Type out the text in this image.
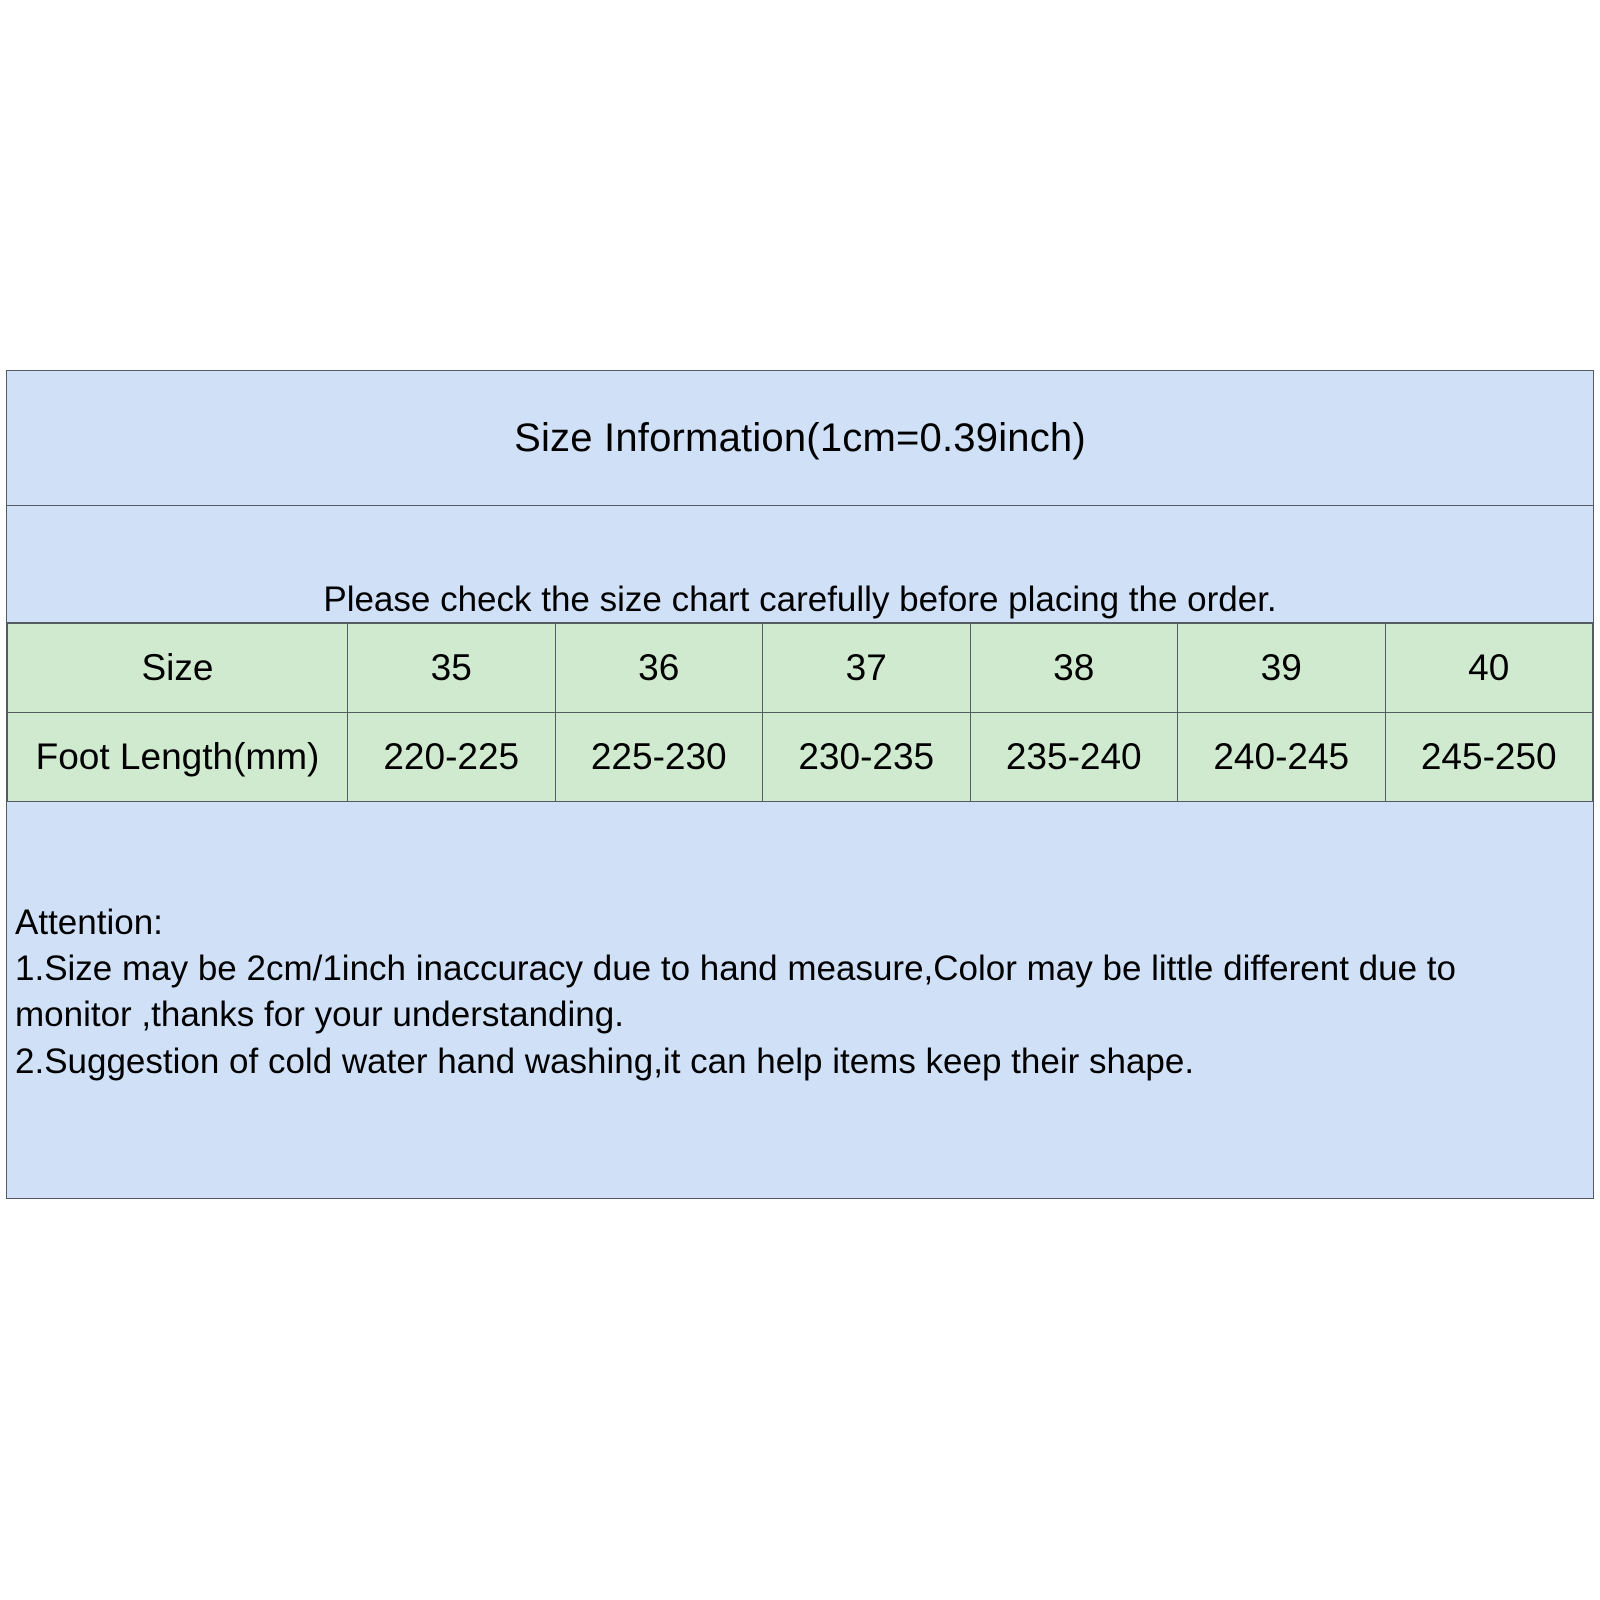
Size Information(1cm=0.39inch)
Please check the size chart carefully before placing the order.
Size	35	36	37	38	39	40
Foot Length(mm)	220-225	225-230	230-235	235-240	240-245	245-250
Attention:
1.Size may be 2cm/1inch inaccuracy due to hand measure,Color may be little different due to
monitor ,thanks for your understanding.
2.Suggestion of cold water hand washing,it can help items keep their shape.
